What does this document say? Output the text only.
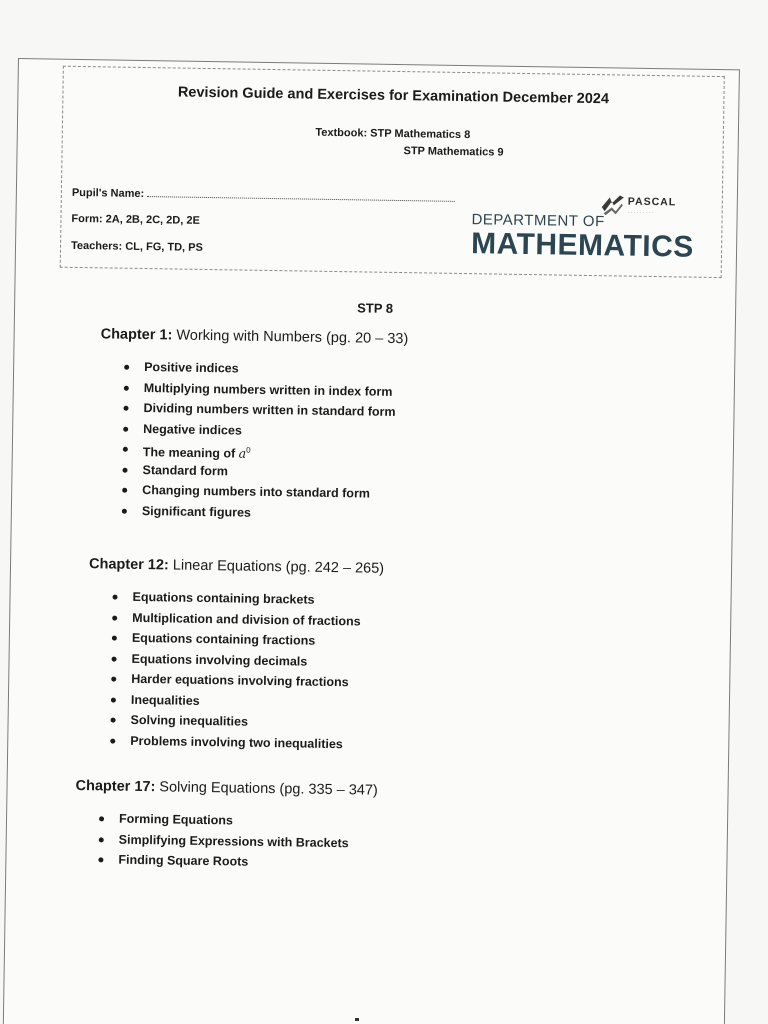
Revision Guide and Exercises for Examination December 2024
Textbook: STP Mathematics 8
STP Mathematics 9
Pupil's Name:
Form: 2A, 2B, 2C, 2D, 2E
Teachers: CL, FG, TD, PS
PASCAL
· · · · · · · · ·
DEPARTMENT OF
MATHEMATICS
STP 8
Chapter 1: Working with Numbers (pg. 20 – 33)
Positive indices
Multiplying numbers written in index form
Dividing numbers written in standard form
Negative indices
The meaning of $a^0$
Standard form
Changing numbers into standard form
Significant figures
Chapter 12: Linear Equations (pg. 242 – 265)
Equations containing brackets
Multiplication and division of fractions
Equations containing fractions
Equations involving decimals
Harder equations involving fractions
Inequalities
Solving inequalities
Problems involving two inequalities
Chapter 17: Solving Equations (pg. 335 – 347)
Forming Equations
Simplifying Expressions with Brackets
Finding Square Roots
